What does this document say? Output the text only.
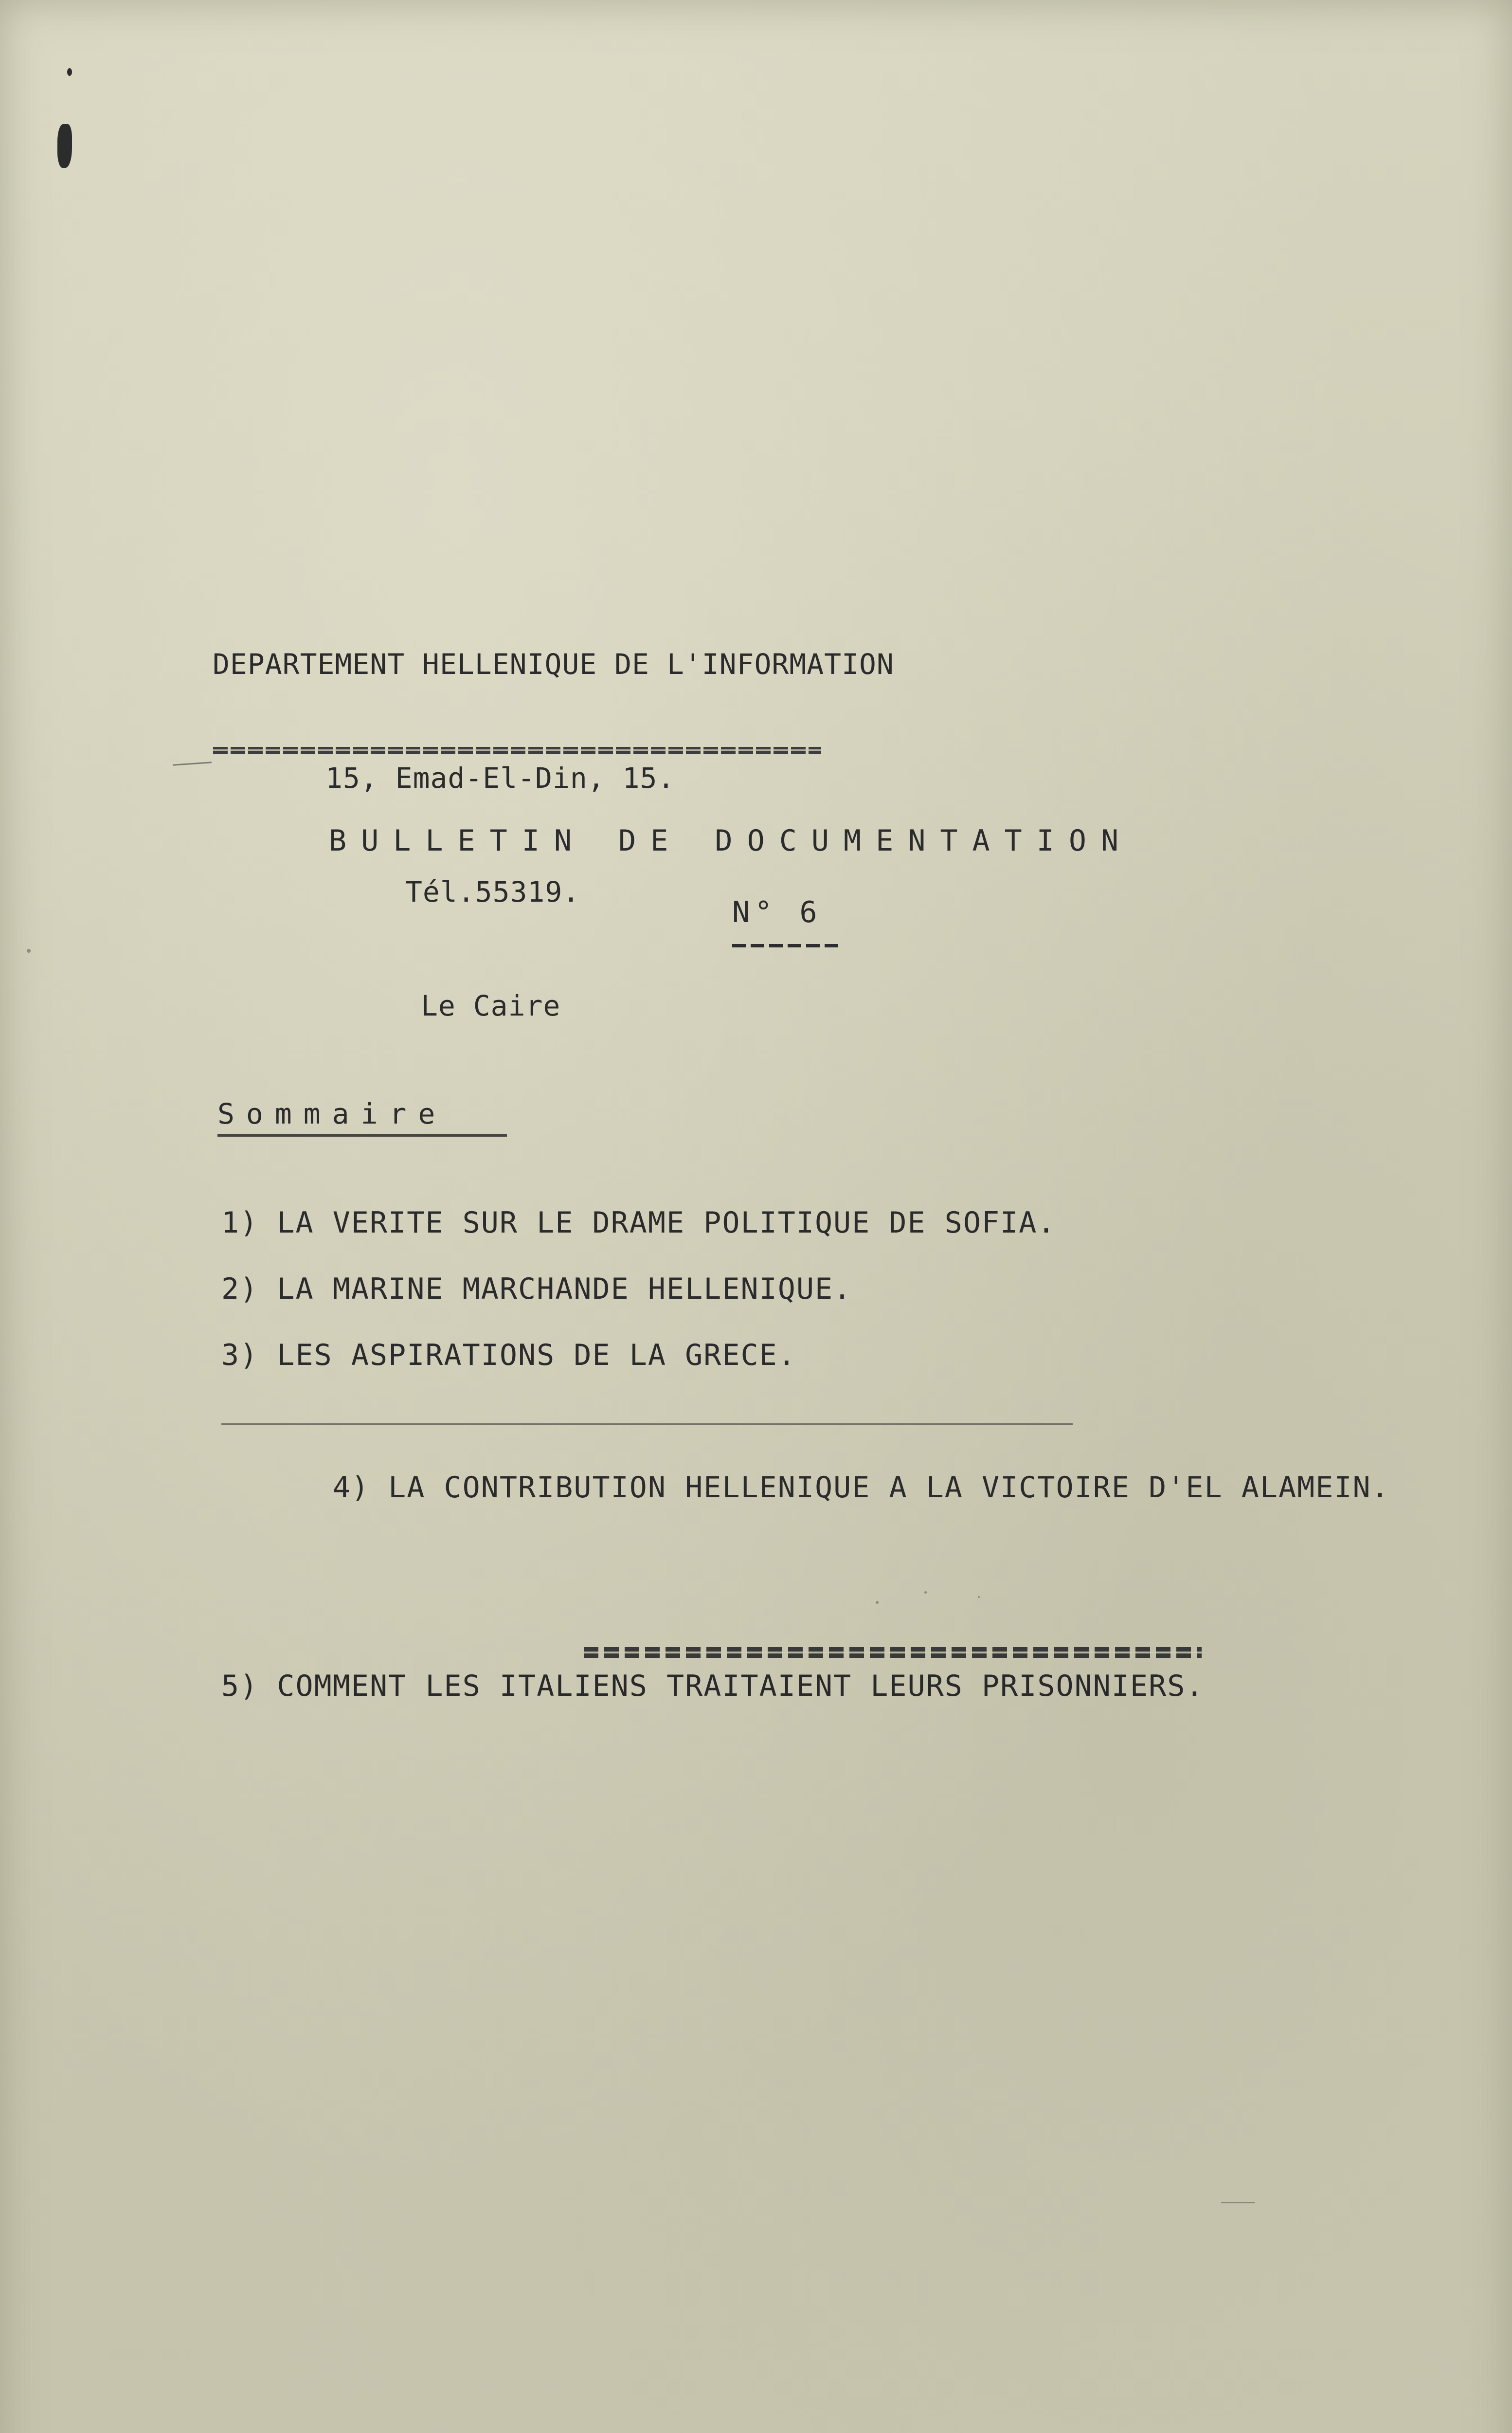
DEPARTEMENT HELLENIQUE DE L'INFORMATION

15, Emad-El-Din, 15.

Tél.55319.

Le Caire

BULLETIN DE DOCUMENTATION
N° 6
Sommaire
1) LA VERITE SUR LE DRAME POLITIQUE DE SOFIA.
2) LA MARINE MARCHANDE HELLENIQUE.
3) LES ASPIRATIONS DE LA GRECE.

4) LA CONTRIBUTION HELLENIQUE A LA VICTOIRE D'EL ALAMEIN.

5) COMMENT LES ITALIENS TRAITAIENT LEURS PRISONNIERS.
